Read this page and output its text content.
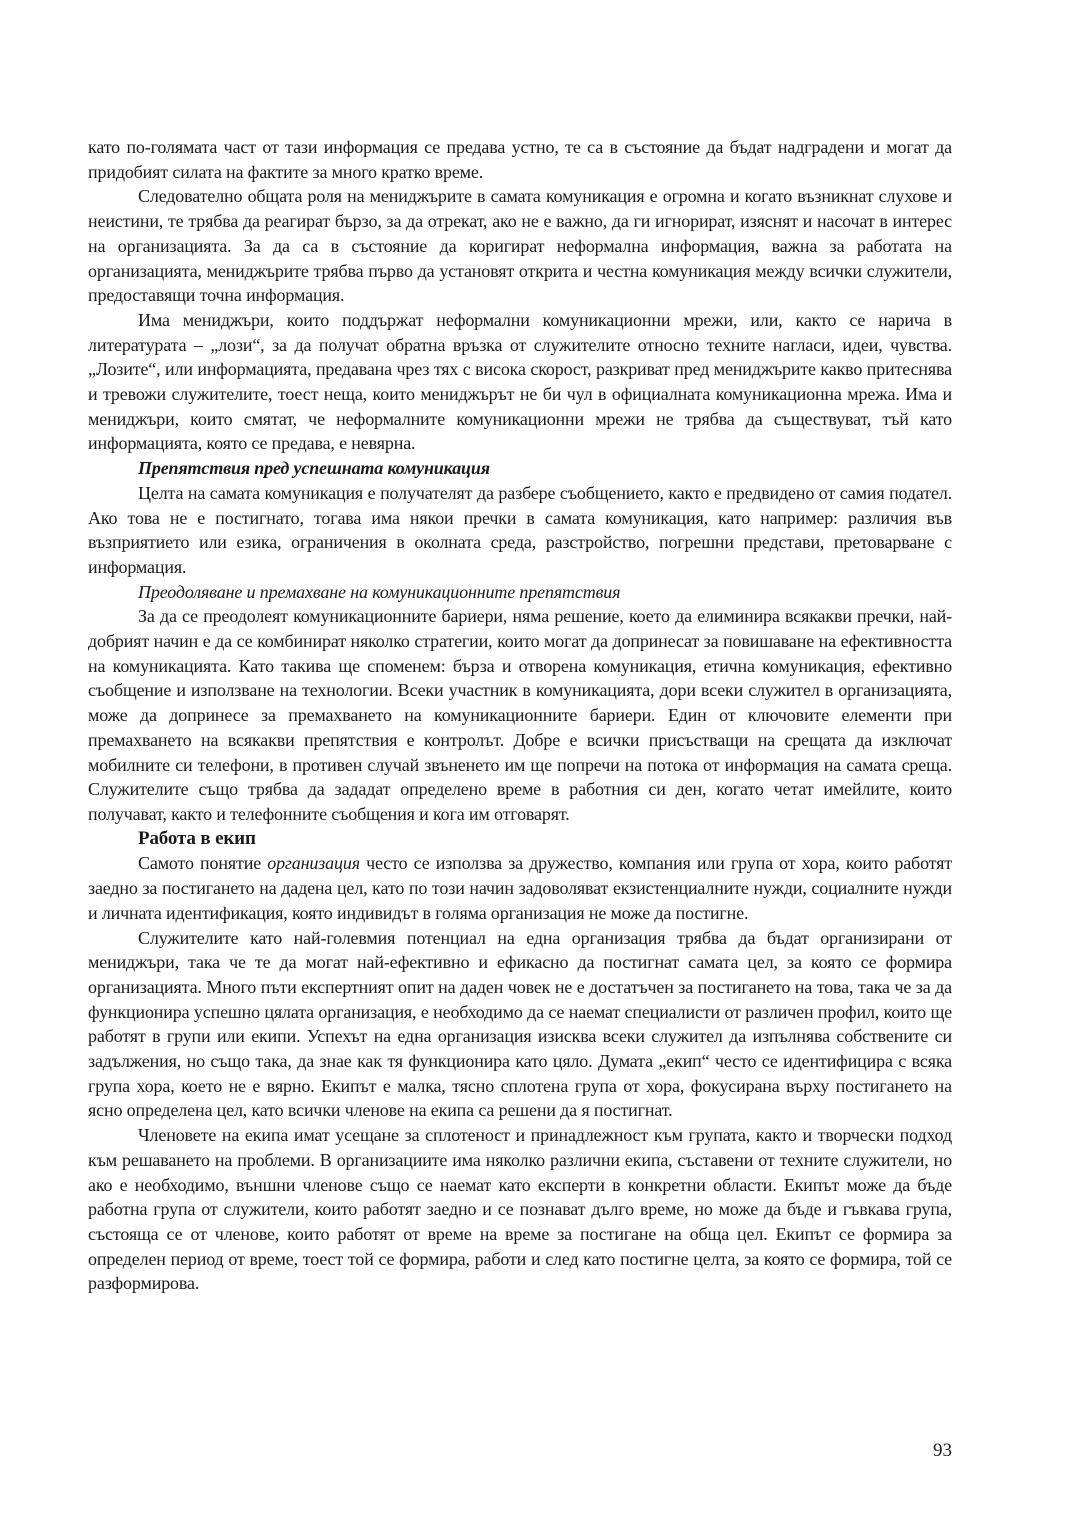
като по-голямата част от тази информация се предава устно, те са в състояние да бъдат надградени и могат да придобият силата на фактите за много кратко време.

Следователно общата роля на мениджърите в самата комуникация е огромна и когато възникнат слухове и неистини, те трябва да реагират бързо, за да отрекат, ако не е важно, да ги игнорират, изяснят и насочат в интерес на организацията. За да са в състояние да коригират неформална информация, важна за работата на организацията, мениджърите трябва първо да установят открита и честна комуникация между всички служители, предоставящи точна информация.

Има мениджъри, които поддържат неформални комуникационни мрежи, или, както се нарича в литературата – „лози“, за да получат обратна връзка от служителите относно техните нагласи, идеи, чувства. „Лозите“, или информацията, предавана чрез тях с висока скорост, разкриват пред мениджърите какво притеснява и тревожи служителите, тоест неща, които мениджърът не би чул в официалната комуникационна мрежа. Има и мениджъри, които смятат, че неформалните комуникационни мрежи не трябва да съществуват, тъй като информацията, която се предава, е невярна.

Препятствия пред успешната комуникация

Целта на самата комуникация е получателят да разбере съобщението, както е предвидено от самия подател. Ако това не е постигнато, тогава има някои пречки в самата комуникация, като например: различия във възприятието или езика, ограничения в околната среда, разстройство, погрешни представи, претоварване с информация.

Преодоляване и премахване на комуникационните препятствия

За да се преодолеят комуникационните бариери, няма решение, което да елиминира всякакви пречки, най-добрият начин е да се комбинират няколко стратегии, които могат да допринесат за повишаване на ефективността на комуникацията. Като такива ще споменем: бърза и отворена комуникация, етична комуникация, ефективно съобщение и използване на технологии. Всеки участник в комуникацията, дори всеки служител в организацията, може да допринесе за премахването на комуникационните бариери. Един от ключовите елементи при премахването на всякакви препятствия е контролът. Добре е всички присъстващи на срещата да изключат мобилните си телефони, в противен случай звъненето им ще попречи на потока от информация на самата среща. Служителите също трябва да зададат определено време в работния си ден, когато четат имейлите, които получават, както и телефонните съобщения и кога им отговарят.

Работа в екип

Самото понятие организация често се използва за дружество, компания или група от хора, които работят заедно за постигането на дадена цел, като по този начин задоволяват екзистенциалните нужди, социалните нужди и личната идентификация, която индивидът в голяма организация не може да постигне.

Служителите като най-голевмия потенциал на една организация трябва да бъдат организирани от мениджъри, така че те да могат най-ефективно и ефикасно да постигнат самата цел, за която се формира организацията. Много пъти експертният опит на даден човек не е достатъчен за постигането на това, така че за да функционира успешно цялата организация, е необходимо да се наемат специалисти от различен профил, които ще работят в групи или екипи. Успехът на една организация изисква всеки служител да изпълнява собствените си задължения, но също така, да знае как тя функционира като цяло. Думата „екип“ често се идентифицира с всяка група хора, което не е вярно. Екипът е малка, тясно сплотена група от хора, фокусирана върху постигането на ясно определена цел, като всички членове на екипа са решени да я постигнат.

Членовете на екипа имат усещане за сплотеност и принадлежност към групата, както и творчески подход към решаването на проблеми. В организациите има няколко различни екипа, съставени от техните служители, но ако е необходимо, външни членове също се наемат като експерти в конкретни области. Екипът може да бъде работна група от служители, които работят заедно и се познават дълго време, но може да бъде и гъвкава група, състояща се от членове, които работят от време на време за постигане на обща цел. Екипът се формира за определен период от време, тоест той се формира, работи и след като постигне целта, за която се формира, той се разформирова.

93
